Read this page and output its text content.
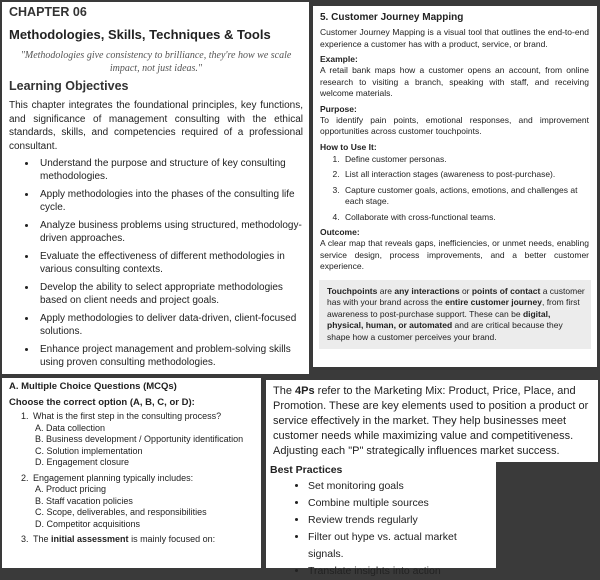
CHAPTER 06
Methodologies, Skills, Techniques & Tools
"Methodologies give consistency to brilliance, they're how we scale impact, not just ideas."
Learning Objectives
This chapter integrates the foundational principles, key functions, and significance of management consulting with the ethical standards, skills, and competencies required of a professional consultant.
• Understand the purpose and structure of key consulting methodologies.
• Apply methodologies into the phases of the consulting life cycle.
• Analyze business problems using structured, methodology-driven approaches.
• Evaluate the effectiveness of different methodologies in various consulting contexts.
• Develop the ability to select appropriate methodologies based on client needs and project goals.
• Apply methodologies to deliver data-driven, client-focused solutions.
• Enhance project management and problem-solving skills using proven consulting methodologies.
5. Customer Journey Mapping
Customer Journey Mapping is a visual tool that outlines the end-to-end experience a customer has with a product, service, or brand.
Example:
A retail bank maps how a customer opens an account, from online research to visiting a branch, speaking with staff, and receiving welcome materials.
Purpose:
To identify pain points, emotional responses, and improvement opportunities across customer touchpoints.
How to Use It:
1. Define customer personas.
2. List all interaction stages (awareness to post-purchase).
3. Capture customer goals, actions, emotions, and challenges at each stage.
4. Collaborate with cross-functional teams.
Outcome:
A clear map that reveals gaps, inefficiencies, or unmet needs, enabling service design, process improvements, and a better customer experience.
Touchpoints are any interactions or points of contact a customer has with your brand across the entire customer journey, from first awareness to post-purchase support. These can be digital, physical, human, or automated and are critical because they shape how a customer perceives your brand.
A. Multiple Choice Questions (MCQs)
Choose the correct option (A, B, C, or D):
1. What is the first step in the consulting process?
A. Data collection
B. Business development / Opportunity identification
C. Solution implementation
D. Engagement closure
2. Engagement planning typically includes:
A. Product pricing
B. Staff vacation policies
C. Scope, deliverables, and responsibilities
D. Competitor acquisitions
3. The initial assessment is mainly focused on:
The 4Ps refer to the Marketing Mix: Product, Price, Place, and Promotion. These are key elements used to position a product or service effectively in the market. They help businesses meet customer needs while maximizing value and competitiveness. Adjusting each "P" strategically influences market success.
Best Practices
• Set monitoring goals
• Combine multiple sources
• Review trends regularly
• Filter out hype vs. actual market signals.
• Translate insights into action
